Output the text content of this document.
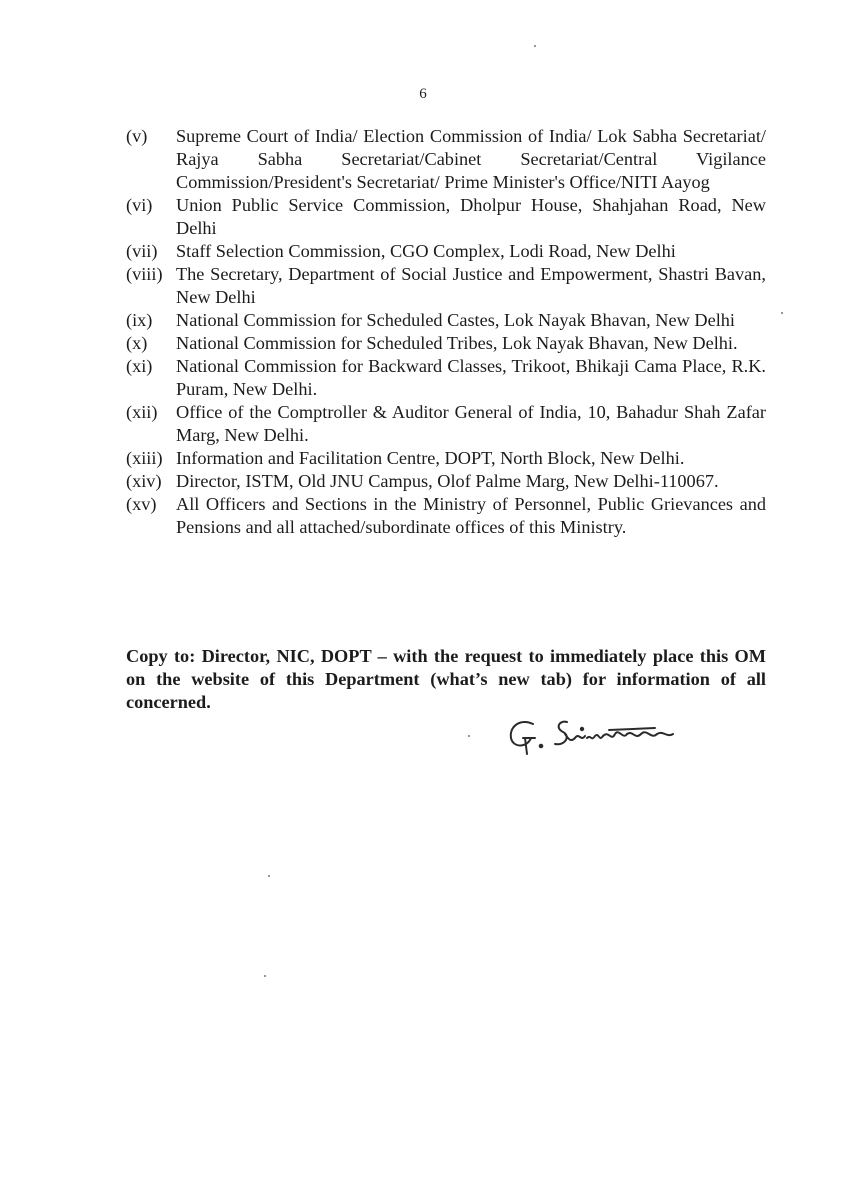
6
(v)	Supreme Court of India/ Election Commission of India/ Lok Sabha Secretariat/ Rajya Sabha Secretariat/Cabinet Secretariat/Central Vigilance Commission/President's Secretariat/ Prime Minister's Office/NITI Aayog
(vi)	Union Public Service Commission, Dholpur House, Shahjahan Road, New Delhi
(vii)	Staff Selection Commission, CGO Complex, Lodi Road, New Delhi
(viii) The Secretary, Department of Social Justice and Empowerment, Shastri Bavan, New Delhi
(ix)	National Commission for Scheduled Castes, Lok Nayak Bhavan, New Delhi
(x)	National Commission for Scheduled Tribes, Lok Nayak Bhavan, New Delhi.
(xi)	National Commission for Backward Classes, Trikoot, Bhikaji Cama Place, R.K. Puram, New Delhi.
(xii)	Office of the Comptroller & Auditor General of India, 10, Bahadur Shah Zafar Marg, New Delhi.
(xiii) Information and Facilitation Centre, DOPT, North Block, New Delhi.
(xiv) Director, ISTM, Old JNU Campus, Olof Palme Marg, New Delhi-110067.
(xv)	All Officers and Sections in the Ministry of Personnel, Public Grievances and Pensions and all attached/subordinate offices of this Ministry.
Copy to: Director, NIC, DOPT – with the request to immediately place this OM on the website of this Department (what’s new tab) for information of all concerned.
